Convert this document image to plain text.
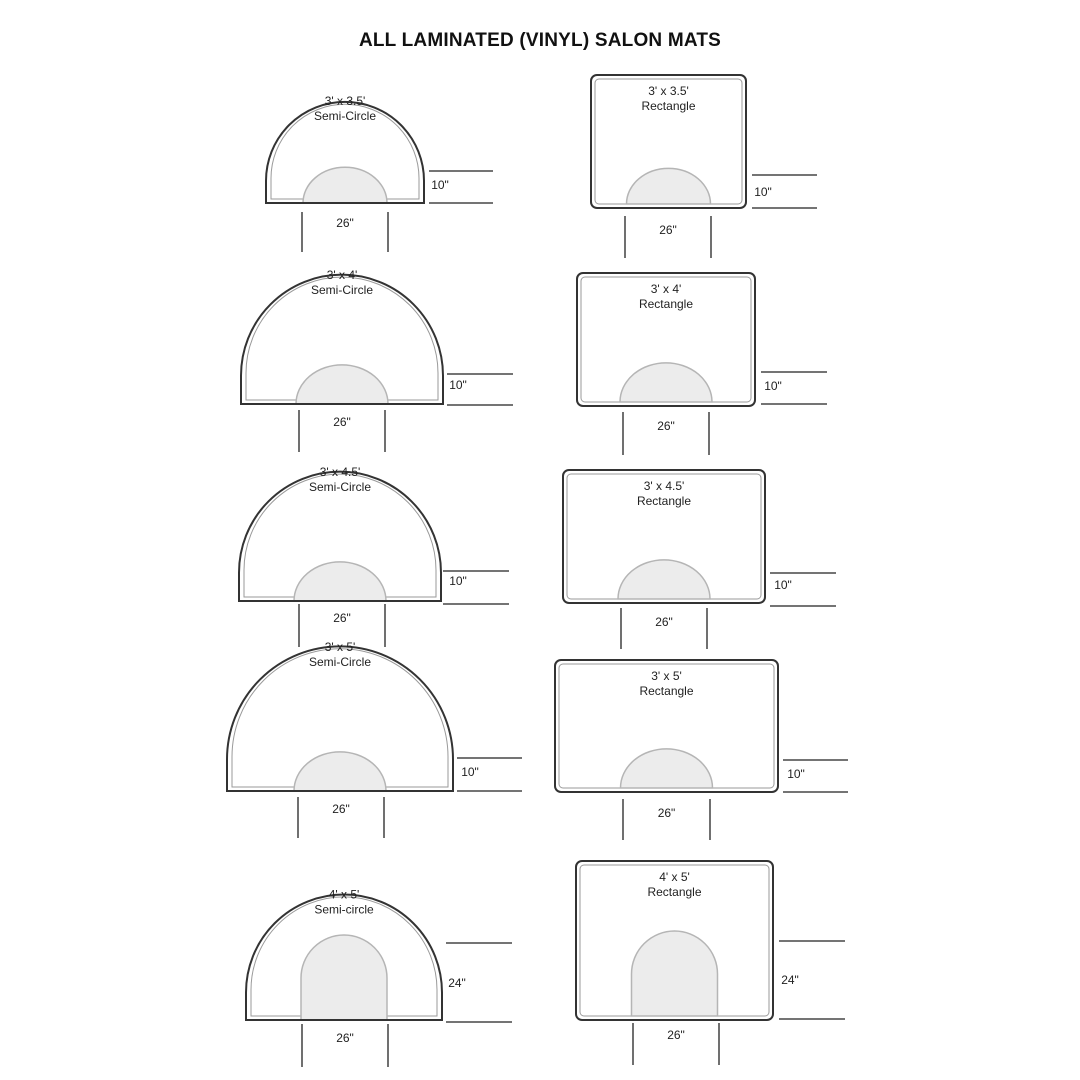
ALL LAMINATED (VINYL) SALON MATS
3' x 3.5'
Semi-Circle
10"
26"
3' x 3.5'
Rectangle
10"
26"
3' x 4'
Semi-Circle
10"
26"
3' x 4'
Rectangle
10"
26"
3' x 4.5'
Semi-Circle
10"
26"
3' x 4.5'
Rectangle
10"
26"
3' x 5'
Semi-Circle
10"
26"
3' x 5'
Rectangle
10"
26"
4' x 5'
Semi-circle
24"
26"
4' x 5'
Rectangle
24"
26"
